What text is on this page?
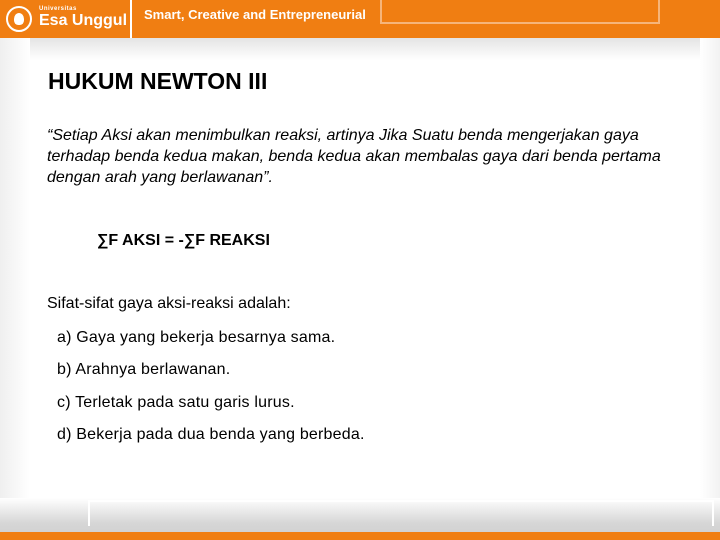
Universitas
Esa Unggul Smart, Creative and Entrepreneurial
HUKUM NEWTON III
“Setiap Aksi akan menimbulkan reaksi, artinya Jika Suatu benda mengerjakan gaya terhadap benda kedua makan, benda kedua akan membalas gaya dari benda pertama dengan arah yang berlawanan”.
∑F AKSI = -∑F REAKSI
Sifat-sifat gaya aksi-reaksi adalah:
a) Gaya yang bekerja besarnya sama.
b) Arahnya berlawanan.
c) Terletak pada satu garis lurus.
d) Bekerja pada dua benda yang berbeda.
